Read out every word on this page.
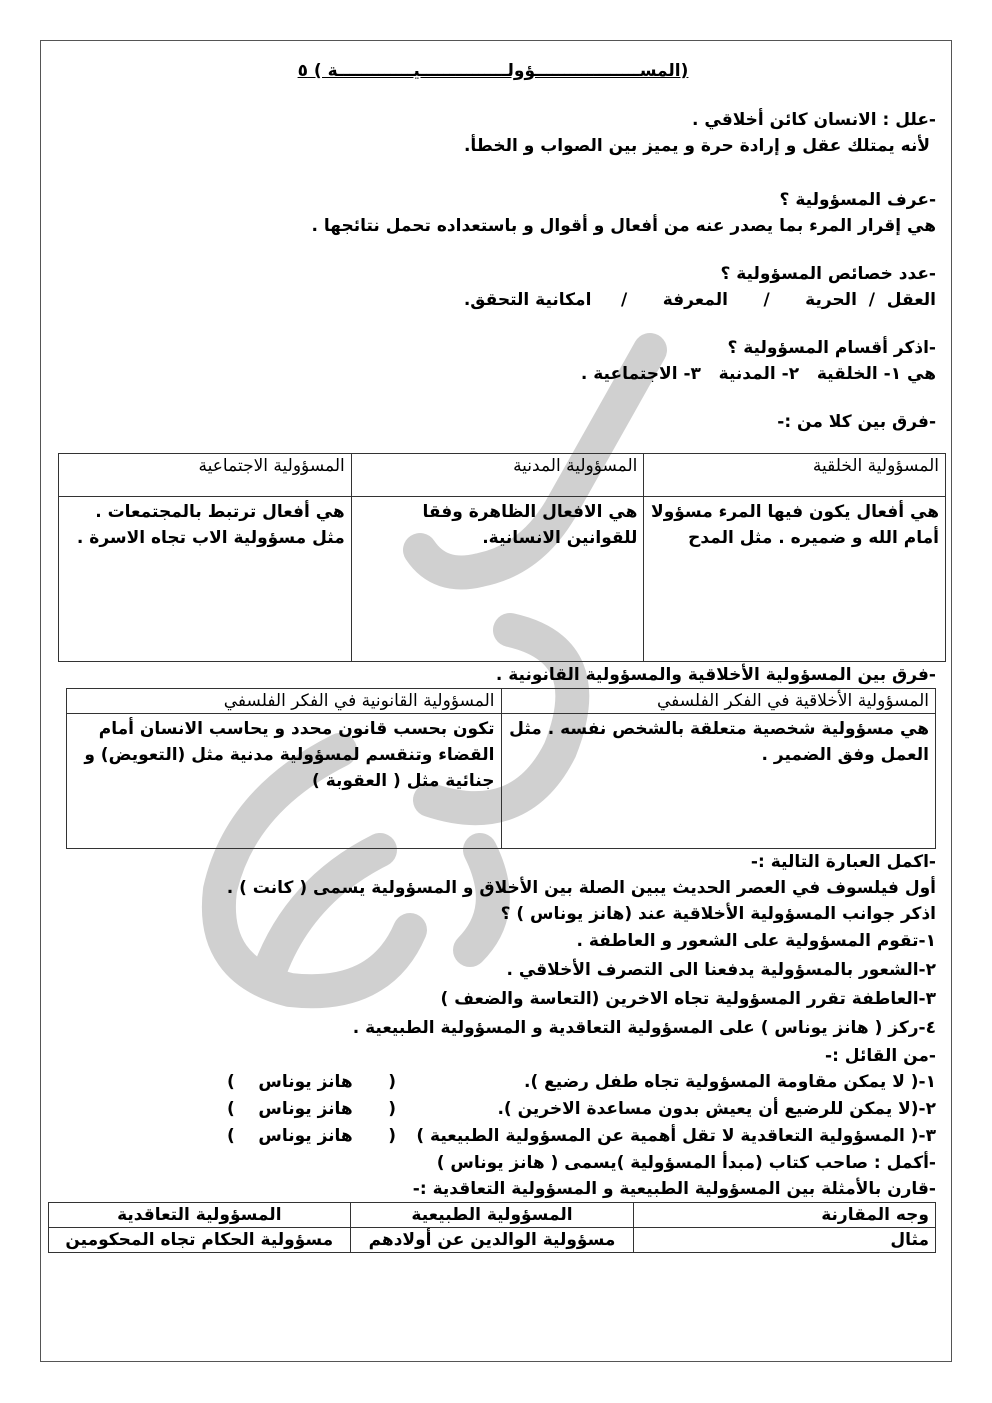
(المســــــــــــــــــؤولـــــــــــــــيـــــــــــــة ) ٥
-علل : الانسان كائن أخلاقي .
لأنه يمتلك عقل و إرادة حرة و يميز بين الصواب و الخطأ.
-عرف المسؤولية ؟
هي إقرار المرء بما يصدر عنه من أفعال و أقوال و باستعداده تحمل نتائجها .
-عدد خصائص المسؤولية ؟
العقل  /  الحرية      /      المعرفة      /     امكانية التحقق.
-اذكر أقسام المسؤولية ؟
هي ١- الخلقية   ٢- المدنية   ٣- الاجتماعية .
-فرق بين كلا من :-
المسؤولية الخلقية	المسؤولية المدنية	المسؤولية الاجتماعية
هي أفعال يكون فيها المرء مسؤولا أمام الله و ضميره . مثل المدح	هي الافعال الظاهرة وفقا للقوانين الانسانية.	هي أفعال ترتبط بالمجتمعات . مثل مسؤولية الاب تجاه الاسرة .
-فرق بين المسؤولية الأخلاقية والمسؤولية القانونية .
المسؤولية الأخلاقية في الفكر الفلسفي	المسؤولية القانونية في الفكر الفلسفي
هي مسؤولية شخصية متعلقة بالشخص نفسه . مثل العمل وفق الضمير .	تكون بحسب قانون محدد و يحاسب الانسان أمام القضاء وتنقسم لمسؤولية مدنية مثل (التعويض) و جنائية مثل ( العقوبة )
-اكمل العبارة التالية :-
أول فيلسوف في العصر الحديث يبين الصلة بين الأخلاق و المسؤولية يسمى ( كانت ) .
اذكر جوانب المسؤولية الأخلاقية عند (هانز يوناس ) ؟
١-تقوم المسؤولية على الشعور و العاطفة .
٢-الشعور بالمسؤولية يدفعنا الى التصرف الأخلاقي .
٣-العاطفة تقرر المسؤولية تجاه الاخرين (التعاسة والضعف )
٤-ركز ( هانز يوناس ) على المسؤولية التعاقدية و المسؤولية الطبيعية .
-من القائل :-
١-( لا يمكن مقاومة المسؤولية تجاه طفل رضيع ).
(      هانز يوناس    )
٢-(لا يمكن للرضيع أن يعيش بدون مساعدة الاخرين ).
(      هانز يوناس    )
٣-( المسؤولية التعاقدية لا تقل أهمية عن المسؤولية الطبيعية )
(      هانز يوناس    )
-أكمل : صاحب كتاب (مبدأ المسؤولية )يسمى ( هانز يوناس )
-قارن بالأمثلة بين المسؤولية الطبيعية و المسؤولية التعاقدية :-
وجه المقارنة	المسؤولية الطبيعية	المسؤولية التعاقدية
مثال	مسؤولية الوالدين عن أولادهم	مسؤولية الحكام تجاه المحكومين
